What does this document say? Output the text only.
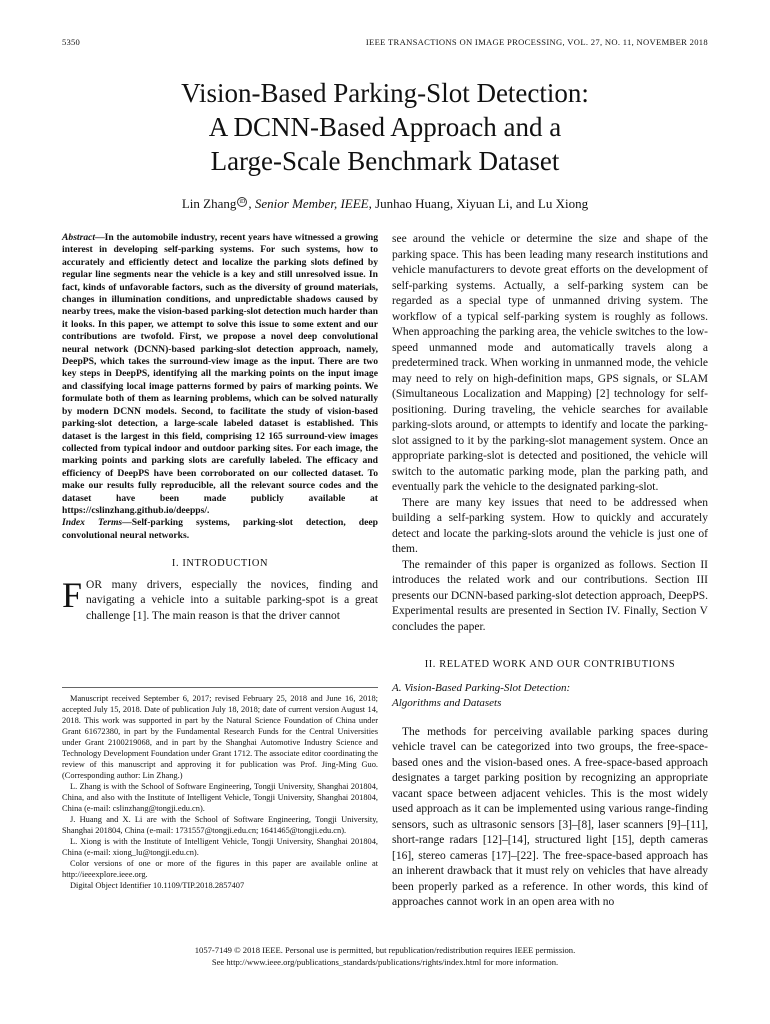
5350	IEEE TRANSACTIONS ON IMAGE PROCESSING, VOL. 27, NO. 11, NOVEMBER 2018
Vision-Based Parking-Slot Detection:
A DCNN-Based Approach and a
Large-Scale Benchmark Dataset
Lin Zhang iD , Senior Member, IEEE, Junhao Huang, Xiyuan Li, and Lu Xiong

Abstract—In the automobile industry, recent years have witnessed a growing interest in developing self-parking systems. For such systems, how to accurately and efficiently detect and localize the parking slots defined by regular line segments near the vehicle is a key and still unresolved issue. In fact, kinds of unfavorable factors, such as the diversity of ground materials, changes in illumination conditions, and unpredictable shadows caused by nearby trees, make the vision-based parking-slot detection much harder than it looks. In this paper, we attempt to solve this issue to some extent and our contributions are twofold. First, we propose a novel deep convolutional neural network (DCNN)-based parking-slot detection approach, namely, DeepPS, which takes the surround-view image as the input. There are two key steps in DeepPS, identifying all the marking points on the input image and classifying local image patterns formed by pairs of marking points. We formulate both of them as learning problems, which can be solved naturally by modern DCNN models. Second, to facilitate the study of vision-based parking-slot detection, a large-scale labeled dataset is established. This dataset is the largest in this field, comprising 12 165 surround-view images collected from typical indoor and outdoor parking sites. For each image, the marking points and parking slots are carefully labeled. The efficacy and efficiency of DeepPS have been corroborated on our collected dataset. To make our results fully reproducible, all the relevant source codes and the dataset have been made publicly available at https://cslinzhang.github.io/deepps/.

Index Terms—Self-parking systems, parking-slot detection, deep convolutional neural networks.

I. INTRODUCTION

FOR many drivers, especially the novices, finding and navigating a vehicle into a suitable parking-spot is a great challenge [1]. The main reason is that the driver cannot

Manuscript received September 6, 2017; revised February 25, 2018 and June 16, 2018; accepted July 15, 2018. Date of publication July 18, 2018; date of current version August 14, 2018. This work was supported in part by the Natural Science Foundation of China under Grant 61672380, in part by the Fundamental Research Funds for the Central Universities under Grant 2100219068, and in part by the Shanghai Automotive Industry Science and Technology Development Foundation under Grant 1712. The associate editor coordinating the review of this manuscript and approving it for publication was Prof. Jing-Ming Guo. (Corresponding author: Lin Zhang.)

L. Zhang is with the School of Software Engineering, Tongji University, Shanghai 201804, China, and also with the Institute of Intelligent Vehicle, Tongji University, Shanghai 201804, China (e-mail: cslinzhang@tongji.edu.cn).

J. Huang and X. Li are with the School of Software Engineering, Tongji University, Shanghai 201804, China (e-mail: 1731557@tongji.edu.cn; 1641465@tongji.edu.cn).

L. Xiong is with the Institute of Intelligent Vehicle, Tongji University, Shanghai 201804, China (e-mail: xiong_lu@tongji.edu.cn).

Color versions of one or more of the figures in this paper are available online at http://ieeexplore.ieee.org.

Digital Object Identifier 10.1109/TIP.2018.2857407

see around the vehicle or determine the size and shape of the parking space. This has been leading many research institutions and vehicle manufacturers to devote great efforts on the development of self-parking systems. Actually, a self-parking system can be regarded as a special type of unmanned driving system. The workflow of a typical self-parking system is roughly as follows. When approaching the parking area, the vehicle switches to the low-speed unmanned mode and automatically travels along a predetermined track. When working in unmanned mode, the vehicle may need to rely on high-definition maps, GPS signals, or SLAM (Simultaneous Localization and Mapping) [2] technology for self-positioning. During traveling, the vehicle searches for available parking-slots around, or attempts to identify and locate the parking-slot assigned to it by the parking-slot management system. Once an appropriate parking-slot is detected and positioned, the vehicle will switch to the automatic parking mode, plan the parking path, and eventually park the vehicle to the designated parking-slot.

There are many key issues that need to be addressed when building a self-parking system. How to quickly and accurately detect and locate the parking-slots around the vehicle is just one of them.

The remainder of this paper is organized as follows. Section II introduces the related work and our contributions. Section III presents our DCNN-based parking-slot detection approach, DeepPS. Experimental results are presented in Section IV. Finally, Section V concludes the paper.

II. RELATED WORK AND OUR CONTRIBUTIONS
A. Vision-Based Parking-Slot Detection:
Algorithms and Datasets

The methods for perceiving available parking spaces during vehicle travel can be categorized into two groups, the free-space-based ones and the vision-based ones. A free-space-based approach designates a target parking position by recognizing an appropriate vacant space between adjacent vehicles. This is the most widely used approach as it can be implemented using various range-finding sensors, such as ultrasonic sensors [3]–[8], laser scanners [9]–[11], short-range radars [12]–[14], structured light [15], depth cameras [16], stereo cameras [17]–[22]. The free-space-based approach has an inherent drawback that it must rely on vehicles that have already been properly parked as a reference. In other words, this kind of approaches cannot work in an open area with no

1057-7149 © 2018 IEEE. Personal use is permitted, but republication/redistribution requires IEEE permission.
See http://www.ieee.org/publications_standards/publications/rights/index.html for more information.
